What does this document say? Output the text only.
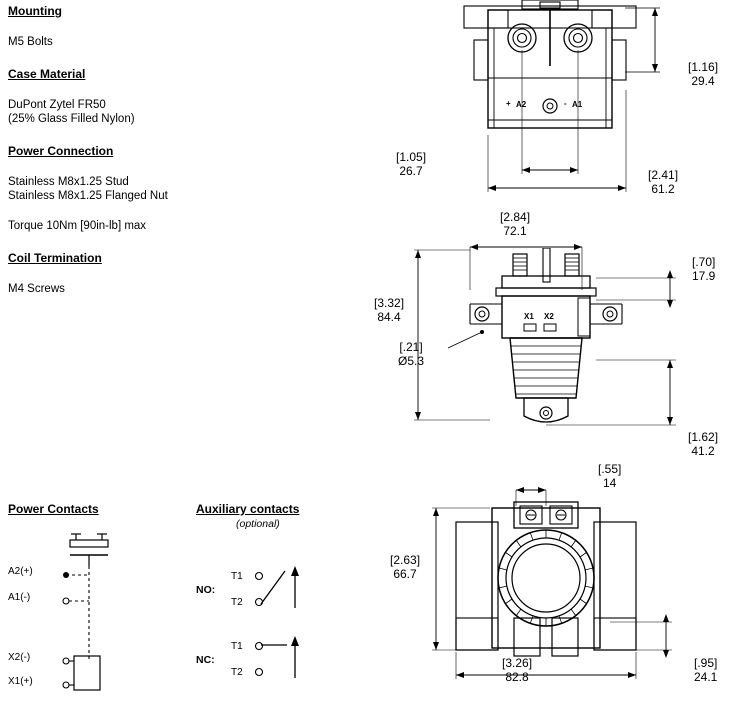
Mounting
M5 Bolts
Case Material
DuPont Zytel FR50
(25% Glass Filled Nylon)
Power Connection
Stainless M8x1.25 Stud
Stainless M8x1.25 Flanged Nut
Torque 10Nm [90in-lb] max
Coil Termination
M4 Screws
Power Contacts
A2(+)
A1(-)
X2(-)
X1(+)
Auxiliary contacts
(optional)
NO:
T1
T2
NC:
T1
T2
A2	A1
+	-
[1.16]
29.4
[1.05]
26.7	[2.41]
61.2
X1 X2
[2.84]
72.1
[3.32]
84.4
[.70]
17.9
[.21]
Ø5.3
[1.62]
41.2
[.55]
14
[2.63]
66.7
[3.26]
82.8
[.95]
24.1
